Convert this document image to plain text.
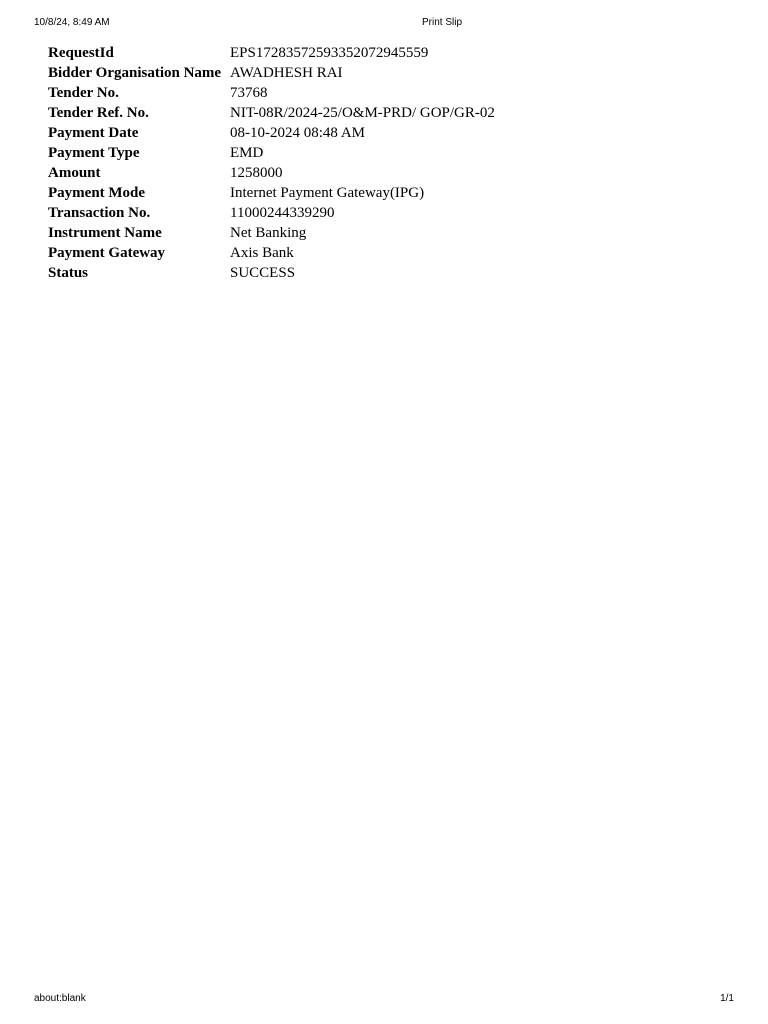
10/8/24, 8:49 AM	Print Slip
RequestId	EPS17283572593352072945559
Bidder Organisation Name	AWADHESH RAI
Tender No.	73768
Tender Ref. No.	NIT-08R/2024-25/O&M-PRD/ GOP/GR-02
Payment Date	08-10-2024 08:48 AM
Payment Type	EMD
Amount	1258000
Payment Mode	Internet Payment Gateway(IPG)
Transaction No.	11000244339290
Instrument Name	Net Banking
Payment Gateway	Axis Bank
Status	SUCCESS
about:blank	1/1
